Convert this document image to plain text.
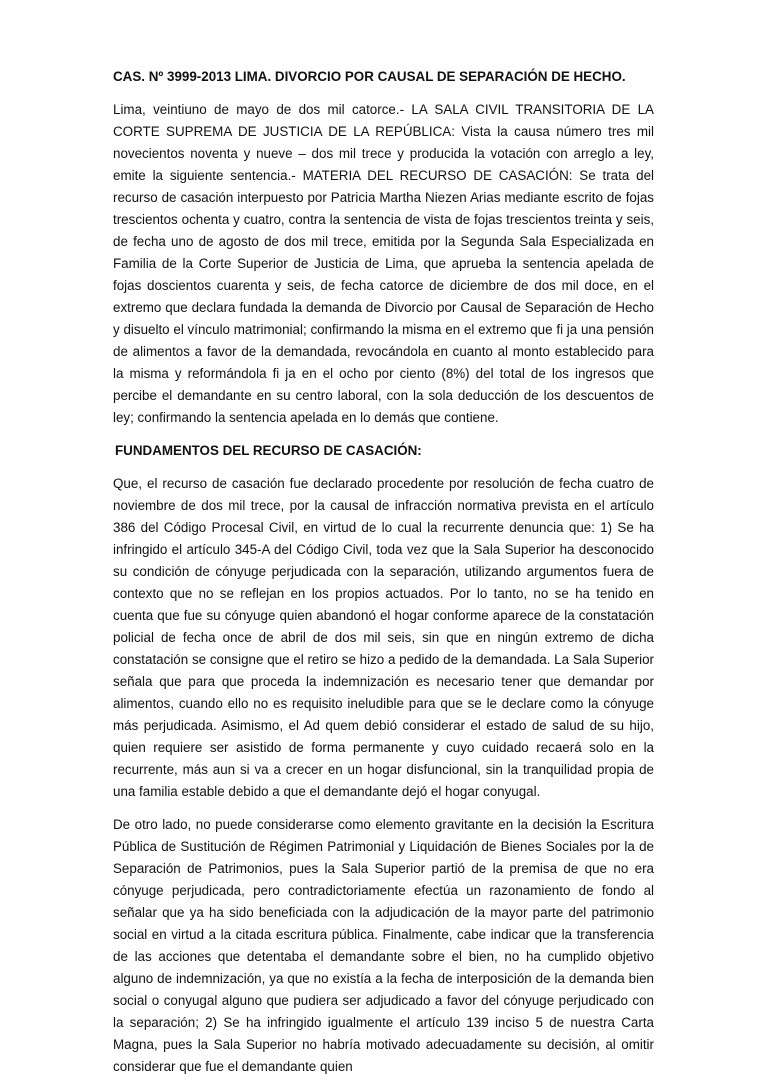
CAS. Nº 3999-2013 LIMA. DIVORCIO POR CAUSAL DE SEPARACIÓN DE HECHO.
Lima, veintiuno de mayo de dos mil catorce.- LA SALA CIVIL TRANSITORIA DE LA CORTE SUPREMA DE JUSTICIA DE LA REPÚBLICA: Vista la causa número tres mil novecientos noventa y nueve – dos mil trece y producida la votación con arreglo a ley, emite la siguiente sentencia.- MATERIA DEL RECURSO DE CASACIÓN: Se trata del recurso de casación interpuesto por Patricia Martha Niezen Arias mediante escrito de fojas trescientos ochenta y cuatro, contra la sentencia de vista de fojas trescientos treinta y seis, de fecha uno de agosto de dos mil trece, emitida por la Segunda Sala Especializada en Familia de la Corte Superior de Justicia de Lima, que aprueba la sentencia apelada de fojas doscientos cuarenta y seis, de fecha catorce de diciembre de dos mil doce, en el extremo que declara fundada la demanda de Divorcio por Causal de Separación de Hecho y disuelto el vínculo matrimonial; confirmando la misma en el extremo que fi ja una pensión de alimentos a favor de la demandada, revocándola en cuanto al monto establecido para la misma y reformándola fi ja en el ocho por ciento (8%) del total de los ingresos que percibe el demandante en su centro laboral, con la sola deducción de los descuentos de ley; confirmando la sentencia apelada en lo demás que contiene.
FUNDAMENTOS DEL RECURSO DE CASACIÓN:
Que, el recurso de casación fue declarado procedente por resolución de fecha cuatro de noviembre de dos mil trece, por la causal de infracción normativa prevista en el artículo 386 del Código Procesal Civil, en virtud de lo cual la recurrente denuncia que: 1) Se ha infringido el artículo 345-A del Código Civil, toda vez que la Sala Superior ha desconocido su condición de cónyuge perjudicada con la separación, utilizando argumentos fuera de contexto que no se reflejan en los propios actuados. Por lo tanto, no se ha tenido en cuenta que fue su cónyuge quien abandonó el hogar conforme aparece de la constatación policial de fecha once de abril de dos mil seis, sin que en ningún extremo de dicha constatación se consigne que el retiro se hizo a pedido de la demandada. La Sala Superior señala que para que proceda la indemnización es necesario tener que demandar por alimentos, cuando ello no es requisito ineludible para que se le declare como la cónyuge más perjudicada. Asimismo, el Ad quem debió considerar el estado de salud de su hijo, quien requiere ser asistido de forma permanente y cuyo cuidado recaerá solo en la recurrente, más aun si va a crecer en un hogar disfuncional, sin la tranquilidad propia de una familia estable debido a que el demandante dejó el hogar conyugal.
De otro lado, no puede considerarse como elemento gravitante en la decisión la Escritura Pública de Sustitución de Régimen Patrimonial y Liquidación de Bienes Sociales por la de Separación de Patrimonios, pues la Sala Superior partió de la premisa de que no era cónyuge perjudicada, pero contradictoriamente efectúa un razonamiento de fondo al señalar que ya ha sido beneficiada con la adjudicación de la mayor parte del patrimonio social en virtud a la citada escritura pública. Finalmente, cabe indicar que la transferencia de las acciones que detentaba el demandante sobre el bien, no ha cumplido objetivo alguno de indemnización, ya que no existía a la fecha de interposición de la demanda bien social o conyugal alguno que pudiera ser adjudicado a favor del cónyuge perjudicado con la separación; 2) Se ha infringido igualmente el artículo 139 inciso 5 de nuestra Carta Magna, pues la Sala Superior no habría motivado adecuadamente su decisión, al omitir considerar que fue el demandante quien
